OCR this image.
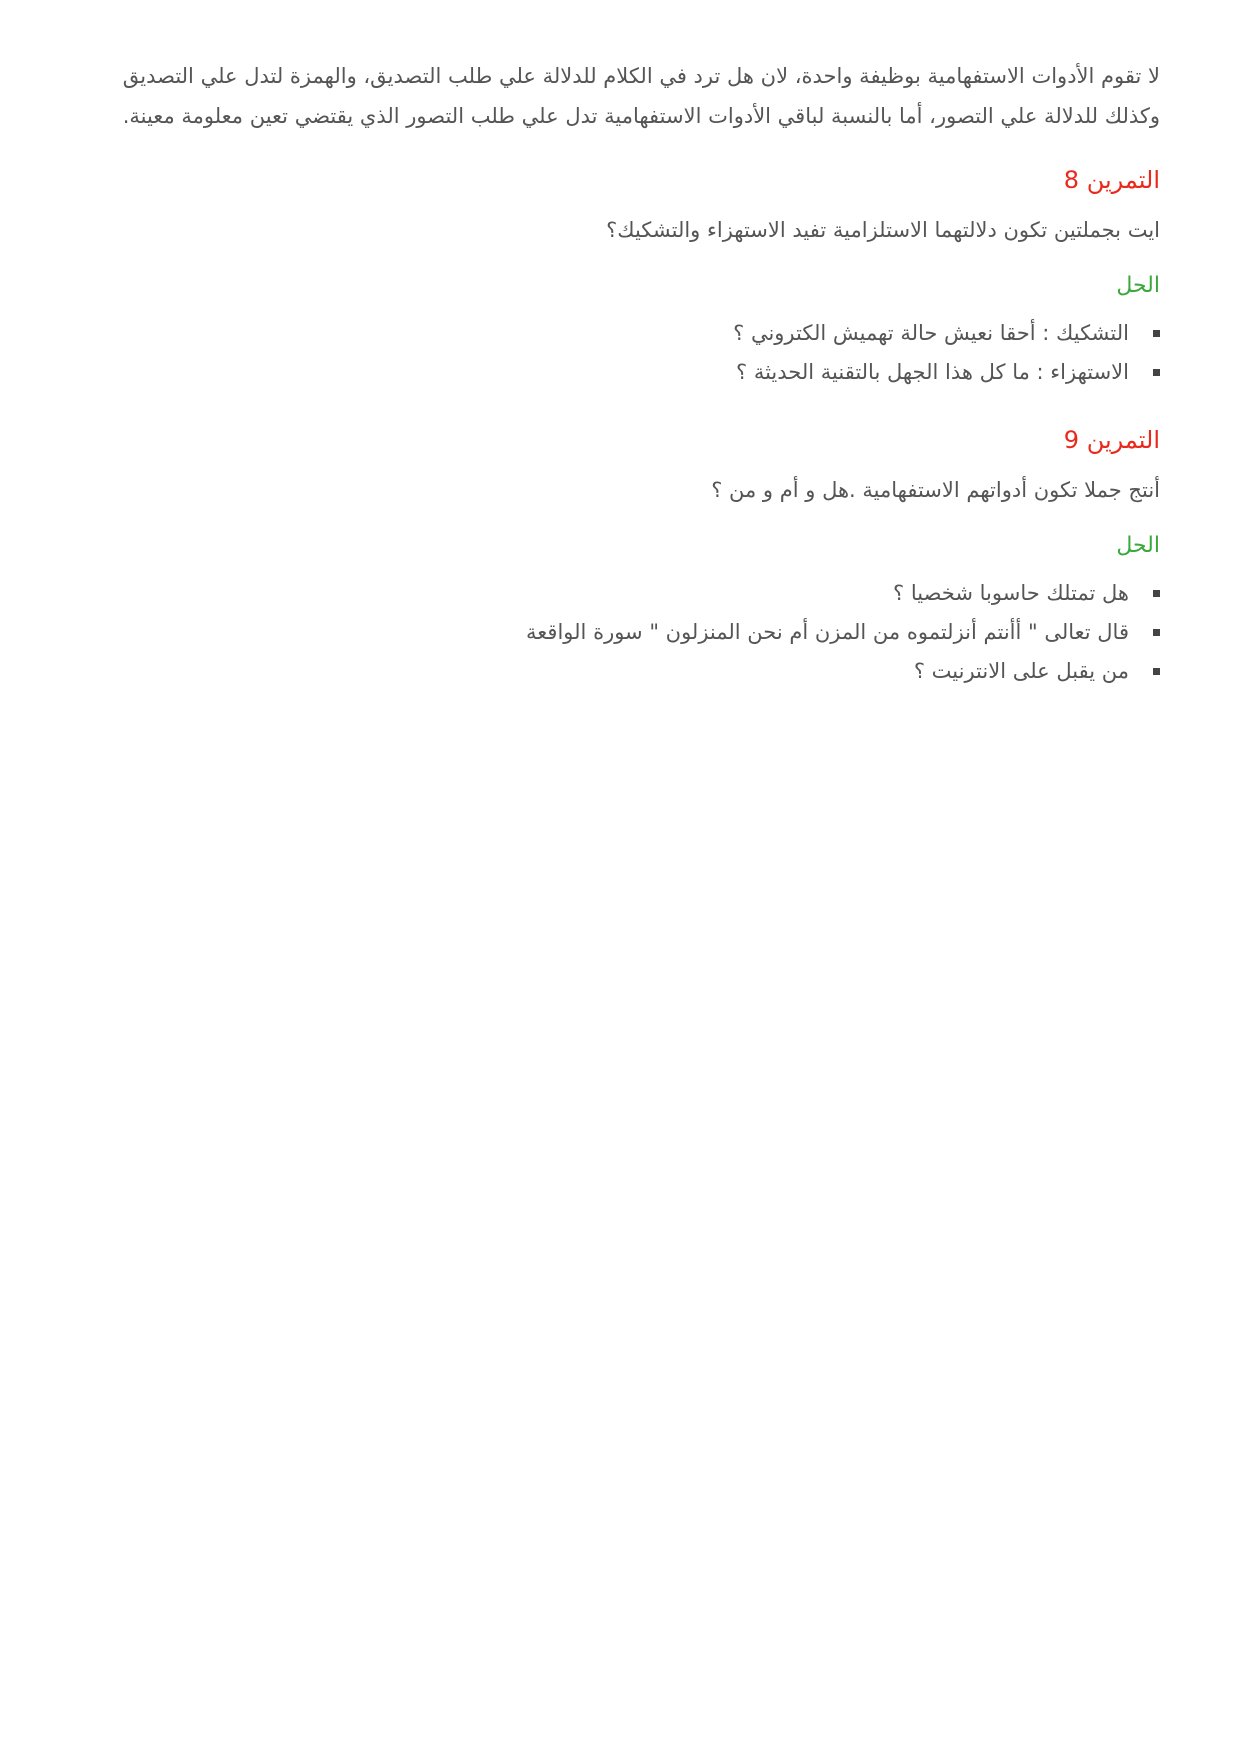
لا تقوم الأدوات الاستفهامية بوظيفة واحدة، لان هل ترد في الكلام للدلالة علي طلب التصديق، والهمزة لتدل علي التصديق وكذلك للدلالة علي التصور، أما بالنسبة لباقي الأدوات الاستفهامية تدل علي طلب التصور الذي يقتضي تعين معلومة معينة.

التمرين 8

ايت بجملتين تكون دلالتهما الاستلزامية تفيد الاستهزاء والتشكيك؟

الحل
التشكيك : أحقا نعيش حالة تهميش الكتروني ؟
الاستهزاء : ما كل هذا الجهل بالتقنية الحديثة ؟
التمرين 9

أنتج جملا تكون أدواتهم الاستفهامية .هل و أم و من ؟

الحل
هل تمتلك حاسوبا شخصيا ؟
قال تعالى " أأنتم أنزلتموه من المزن أم نحن المنزلون " سورة الواقعة
من يقبل على الانترنيت ؟
